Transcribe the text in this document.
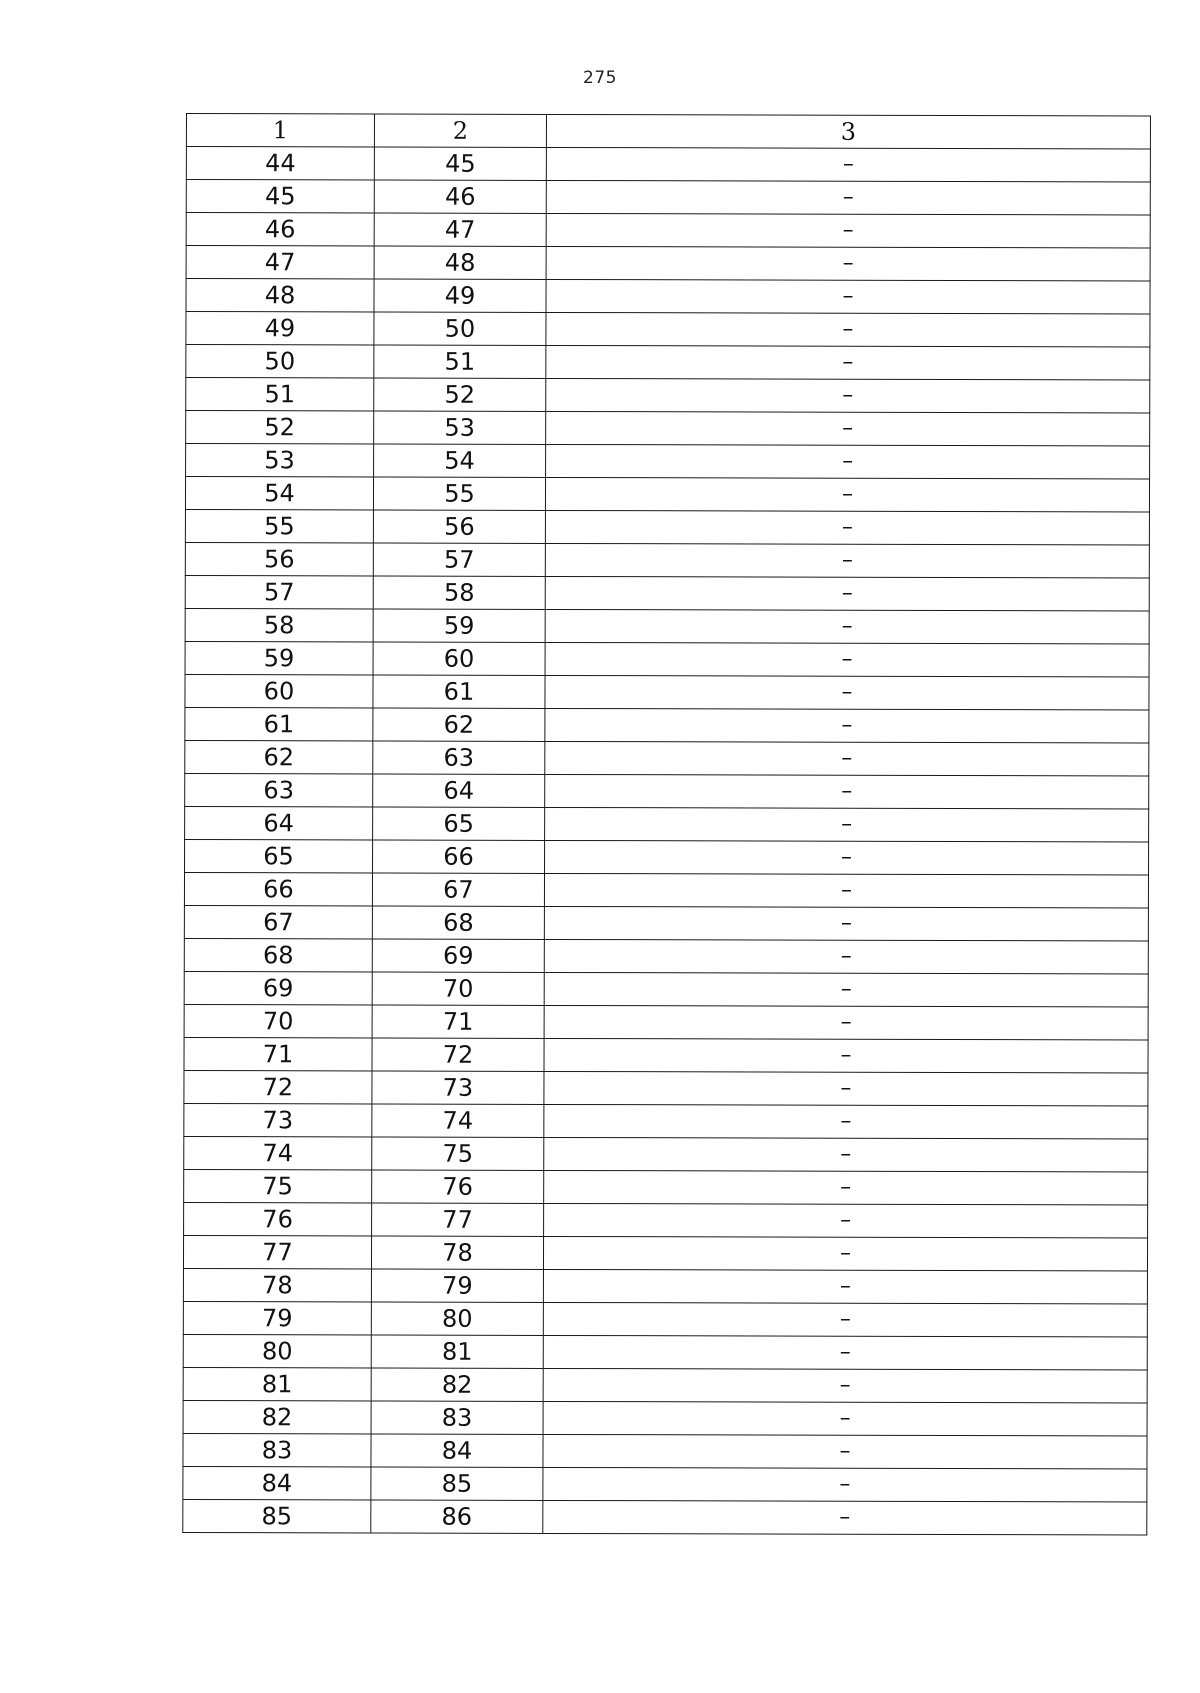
275
1	2	3
44	45	–
45	46	–
46	47	–
47	48	–
48	49	–
49	50	–
50	51	–
51	52	–
52	53	–
53	54	–
54	55	–
55	56	–
56	57	–
57	58	–
58	59	–
59	60	–
60	61	–
61	62	–
62	63	–
63	64	–
64	65	–
65	66	–
66	67	–
67	68	–
68	69	–
69	70	–
70	71	–
71	72	–
72	73	–
73	74	–
74	75	–
75	76	–
76	77	–
77	78	–
78	79	–
79	80	–
80	81	–
81	82	–
82	83	–
83	84	–
84	85	–
85	86	–
